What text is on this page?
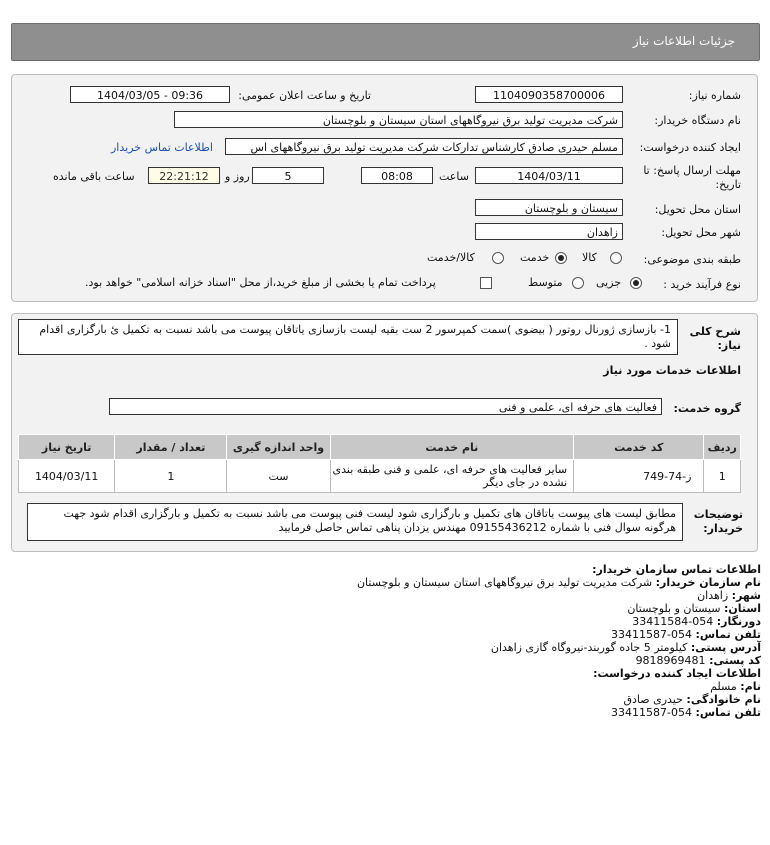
جزئیات اطلاعات نیاز
شماره نیاز:
1104090358700006
تاریخ و ساعت اعلان عمومی:
1404/03/05 - 09:36
نام دستگاه خریدار:
شرکت مدیریت تولید برق نیروگاههای استان سیستان و بلوچستان
ایجاد کننده درخواست:
مسلم حیدری صادق کارشناس تدارکات شرکت مدیریت تولید برق نیروگاههای اس
اطلاعات تماس خریدار
مهلت ارسال پاسخ: تا
تاریخ:
1404/03/11
ساعت
08:08
5
روز و
22:21:12
ساعت باقی مانده
استان محل تحویل:
سیستان و بلوچستان
شهر محل تحویل:
زاهدان
طبقه بندی موضوعی:
کالا
خدمت
کالا/خدمت
نوع فرآیند خرید :
جزیی
متوسط
پرداخت تمام یا بخشی از مبلغ خرید،از محل "اسناد خزانه اسلامی" خواهد بود.
شرح کلی
نیاز:
1- بازسازی ژورنال روتور ( بیضوی )سمت کمپرسور 2 ست بقیه لیست بازسازی یاتاقان پیوست می باشد نسبت به تکمیل ئ بارگزاری اقدام شود .
اطلاعات خدمات مورد نیاز
گروه خدمت:
فعالیت های حرفه ای، علمی و فنی
تاریخ نیاز	تعداد / مقدار	واحد اندازه گیری	نام خدمت	کد خدمت	ردیف
1404/03/11	1	ست	سایر فعالیت های حرفه ای، علمی و فنی طبقه بندی نشده در جای دیگر	ز-74-749	1
توضیحات
خریدار:
مطابق لیست های پیوست یاتاقان های تکمیل و بارگزاری شود لیست فنی پیوست می باشد نسبت به تکمیل و بارگزاری اقدام شود جهت هرگونه سوال فنی با شماره 09155436212 مهندس یزدان پناهی تماس حاصل فرمایید
اطلاعات تماس سازمان خریدار:
نام سازمان خریدار: شرکت مدیریت تولید برق نیروگاههای استان سیستان و بلوچستان
شهر: زاهدان
استان: سیستان و بلوچستان
دورنگار: 054-33411584
تلفن تماس: 054-33411587
آدرس پستی: کیلومتر 5 جاده گوربند-نیروگاه گازی زاهدان
کد پستی: 9818969481
اطلاعات ایجاد کننده درخواست:
نام: مسلم
نام خانوادگی: حیدری صادق
تلفن تماس: 054-33411587
